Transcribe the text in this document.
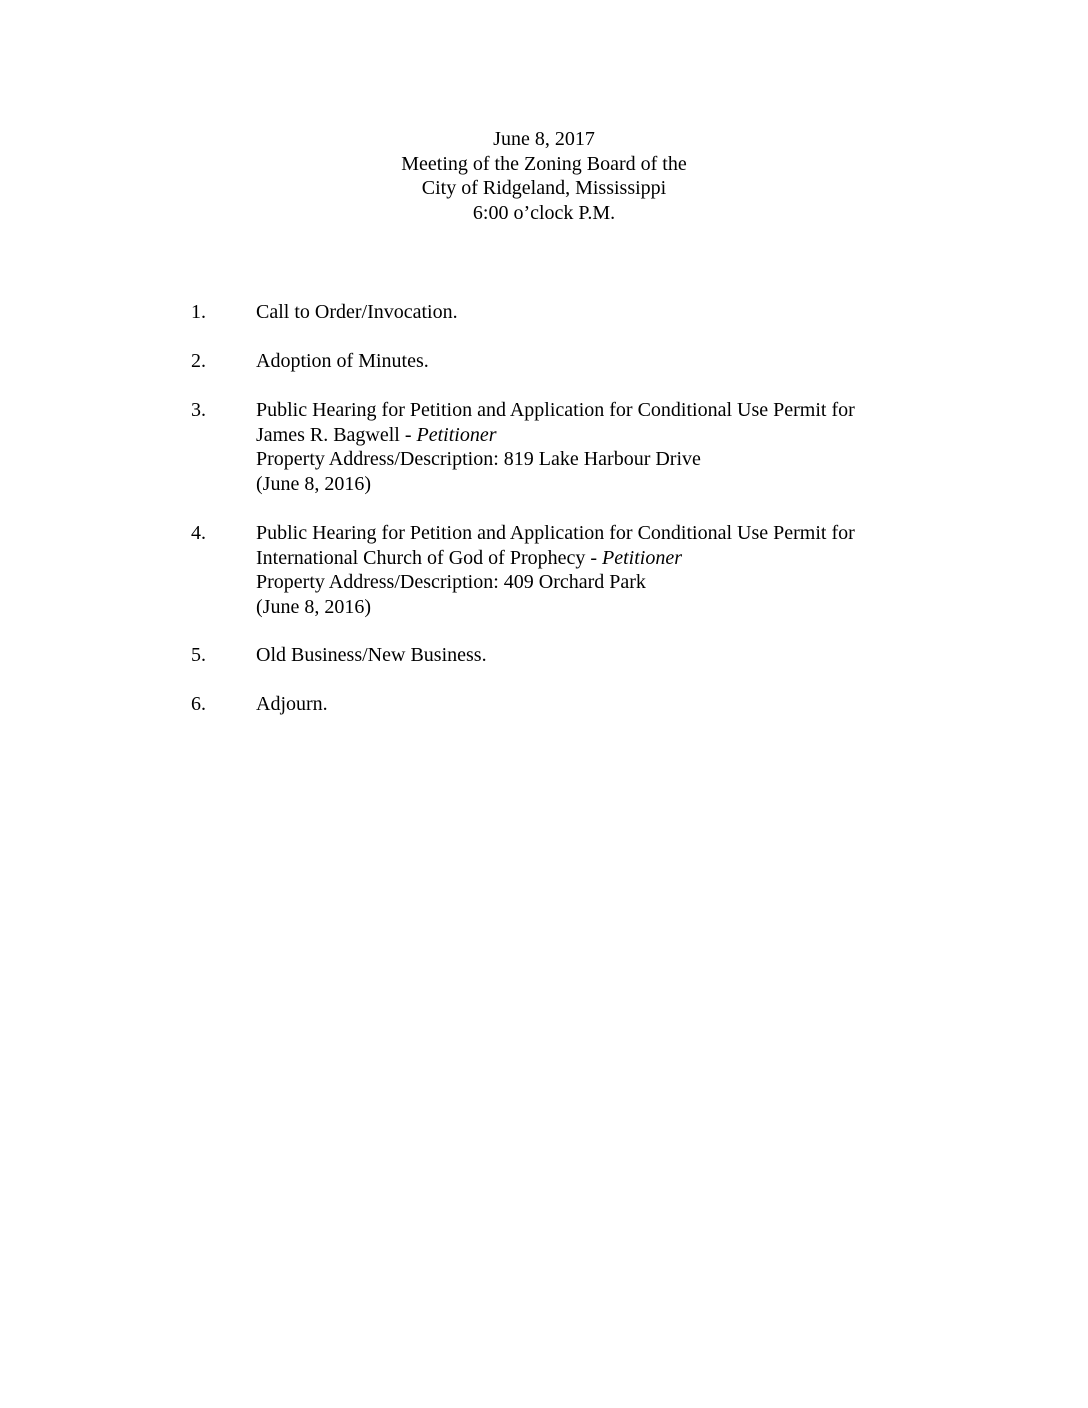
June 8, 2017
Meeting of the Zoning Board of the
City of Ridgeland, Mississippi
6:00 o’clock P.M.
1.	Call to Order/Invocation.
2.	Adoption of Minutes.
3.	Public Hearing for Petition and Application for Conditional Use Permit for
James R. Bagwell - Petitioner
Property Address/Description: 819 Lake Harbour Drive
(June 8, 2016)
4.	Public Hearing for Petition and Application for Conditional Use Permit for
International Church of God of Prophecy - Petitioner
Property Address/Description: 409 Orchard Park
(June 8, 2016)
5.	Old Business/New Business.
6.	Adjourn.
